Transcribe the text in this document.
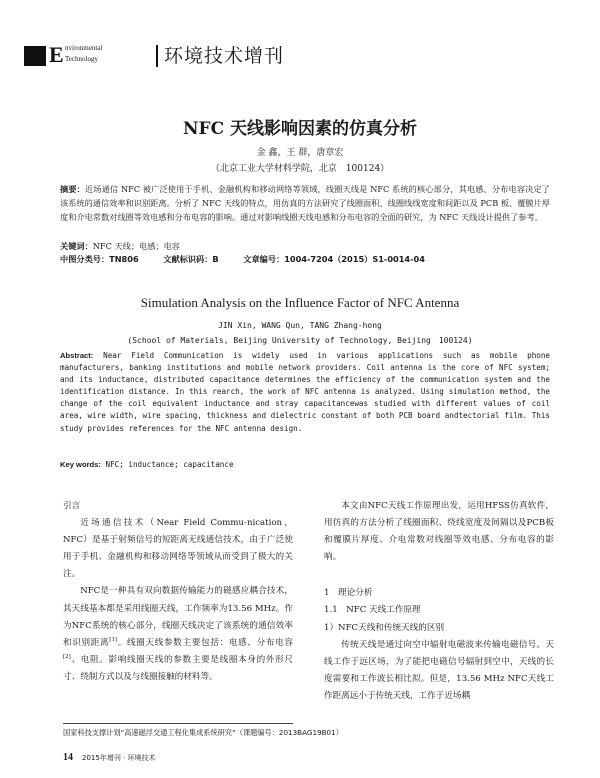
E nvironmental
Technology	环境技术增刊
NFC 天线影响因素的仿真分析
金 鑫，王 群，唐章宏
（北京工业大学材料学院，北京　100124）
摘要：近场通信 NFC 被广泛使用于手机、金融机构和移动网络等领域，线圈天线是 NFC 系统的核心部分，其电感、分布电容决定了该系统的通信效率和识别距离。分析了 NFC 天线的特点，用仿真的方法研究了线圈面积、线圈线线宽度和间距以及 PCB 板、覆膜片厚度和介电常数对线圈等效电感和分布电容的影响。通过对影响线圈天线电感和分布电容的全面的研究，为 NFC 天线设计提供了参考。
关键词：NFC 天线；电感；电容
中图分类号：TN806	文献标识码：B	文章编号：1004-7204（2015）S1-0014-04
Simulation Analysis on the Influence Factor of NFC Antenna
JIN Xin, WANG Qun, TANG Zhang-hong
(School of Materials, Beijing University of Technology, Beijing　100124)
Abstract: Near Field Communication is widely used in various applications such as mobile phone manufacturers, banking institutions and mobile network providers. Coil antenna is the core of NFC system; and its inductance, distributed capacitance determines the efficiency of the communication system and the identification distance. In this rearch, the work of NFC antenna is analyzed. Using simulation method, the change of the coil equivalent inductance and stray capacitancewas studied with different values of coil area, wire width, wire spacing, thickness and dielectric constant of both PCB board andtectorial film. This study provides references for the NFC antenna design.
Key words: NFC; inductance; capacitance

引言

近场通信技术（Near Field Commu-nication，NFC）是基于射频信号的短距离无线通信技术，由于广泛使用于手机、金融机构和移动网络等领域从而受到了极大的关注。

NFC是一种具有双向数据传输能力的磁感应耦合技术，其天线基本都是采用线圈天线，工作频率为13.56 MHz。作为NFC系统的核心部分，线圈天线决定了该系统的通信效率和识别距离[1]。线圈天线参数主要包括：电感、分布电容[2]、电阻。影响线圈天线的参数主要是线圈本身的外形尺寸、绕制方式以及与线圈接触的材料等。

本文由NFC天线工作原理出发，运用HFSS仿真软件，用仿真的方法分析了线圈面积、绕线宽度及间隔以及PCB板和覆膜片厚度、介电常数对线圈等效电感、分布电容的影响。

1　理论分析

1.1　NFC 天线工作原理

1）NFC天线和传统天线的区别

传统天线是通过向空中辐射电磁波来传输电磁信号。天线工作于远区场，为了能把电磁信号辐射到空中，天线的长度需要和工作波长相比拟。但是，13.56 MHz NFC天线工作距离远小于传统天线，工作于近场耦

国家科技支撑计划“高速磁浮交通工程化集成系统研究”（课题编号：2013BAG19B01）
14 2015年增刊 · 环境技术
